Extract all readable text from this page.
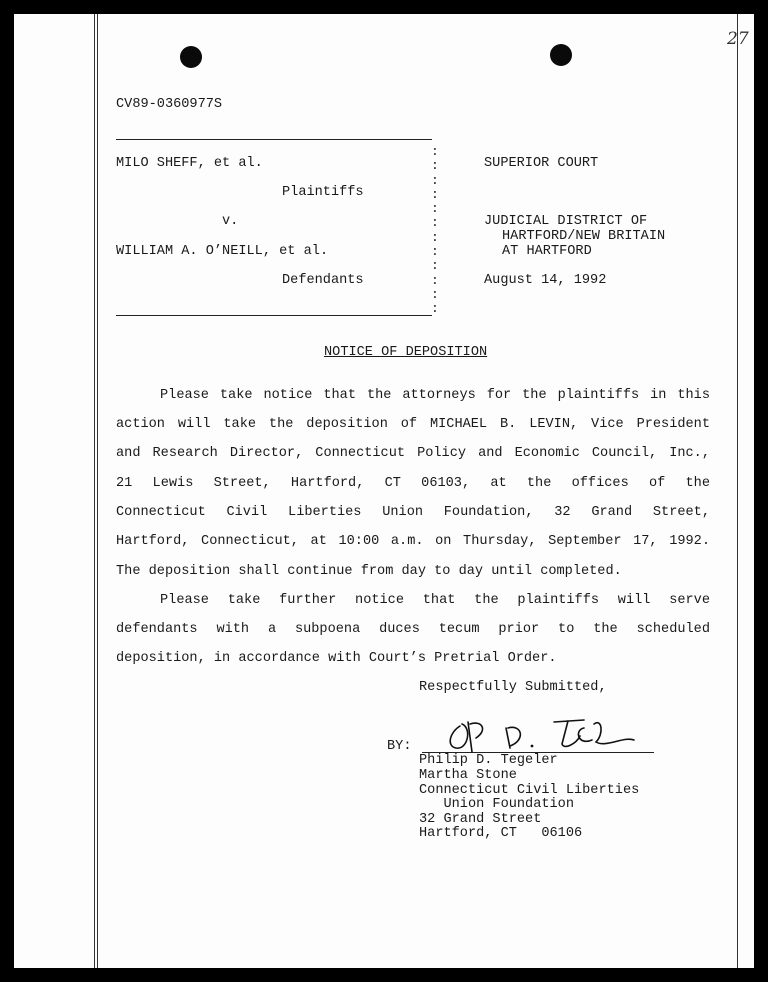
27
CV89-0360977S
:
:
:
:
:
:
:
:
:
:
:
:
MILO SHEFF, et al.
Plaintiffs
v.
WILLIAM A. O’NEILL, et al.
Defendants
SUPERIOR COURT
JUDICIAL DISTRICT OF
HARTFORD/NEW BRITAIN
AT HARTFORD
August 14, 1992
NOTICE OF DEPOSITION
Please take notice that the attorneys for the plaintiffs in this
action will take the deposition of MICHAEL B. LEVIN, Vice President
and Research Director, Connecticut Policy and Economic Council, Inc.,
21 Lewis Street, Hartford, CT 06103, at the offices of the
Connecticut Civil Liberties Union Foundation, 32 Grand Street,
Hartford, Connecticut, at 10:00 a.m. on Thursday, September 17, 1992.
The deposition shall continue from day to day until completed.
Please take further notice that the plaintiffs will serve
defendants with a subpoena duces tecum prior to the scheduled
deposition, in accordance with Court’s Pretrial Order.
Respectfully Submitted,
BY:
Philip D. Tegeler
Martha Stone
Connecticut Civil Liberties
Union Foundation
32 Grand Street
Hartford, CT   06106
